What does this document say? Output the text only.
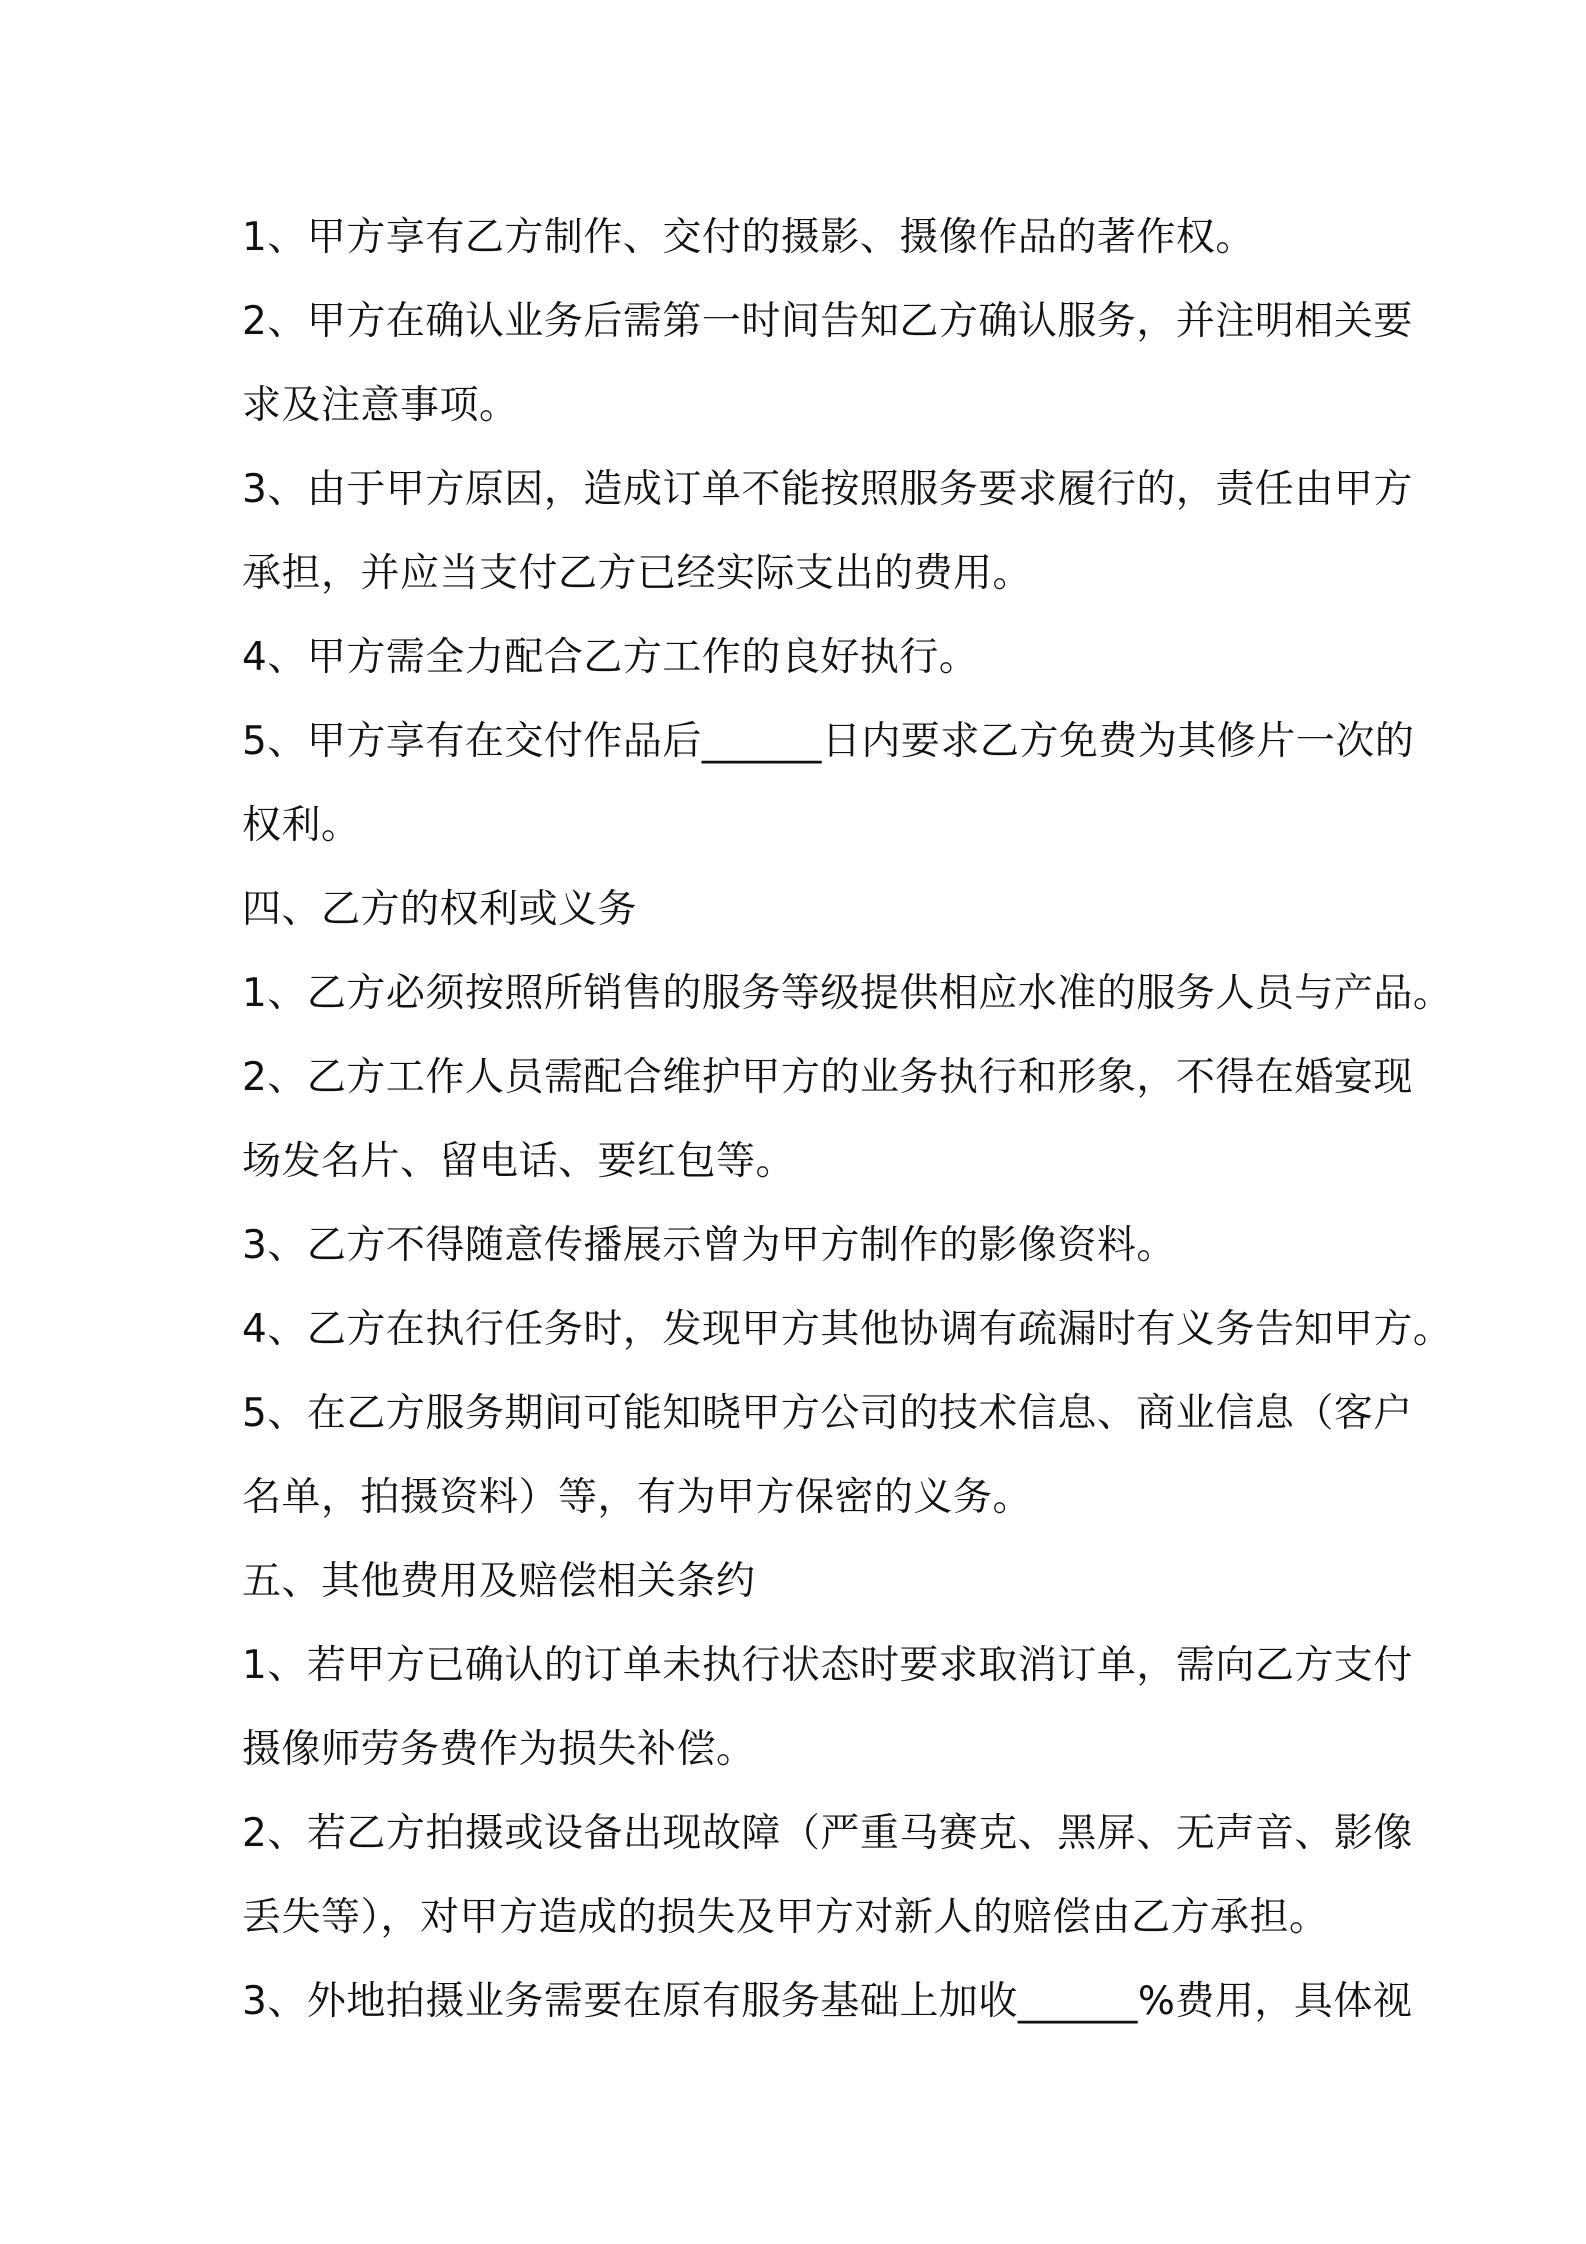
1、甲方享有乙方制作、交付的摄影、摄像作品的著作权。
2、甲方在确认业务后需第一时间告知乙方确认服务，并注明相关要
求及注意事项。
3、由于甲方原因，造成订单不能按照服务要求履行的，责任由甲方
承担，并应当支付乙方已经实际支出的费用。
4、甲方需全力配合乙方工作的良好执行。
5、甲方享有在交付作品后______日内要求乙方免费为其修片一次的
权利。
四、乙方的权利或义务
1、乙方必须按照所销售的服务等级提供相应水准的服务人员与产品。
2、乙方工作人员需配合维护甲方的业务执行和形象，不得在婚宴现
场发名片、留电话、要红包等。
3、乙方不得随意传播展示曾为甲方制作的影像资料。
4、乙方在执行任务时，发现甲方其他协调有疏漏时有义务告知甲方。
5、在乙方服务期间可能知晓甲方公司的技术信息、商业信息（客户
名单，拍摄资料）等，有为甲方保密的义务。
五、其他费用及赔偿相关条约
1、若甲方已确认的订单未执行状态时要求取消订单，需向乙方支付
摄像师劳务费作为损失补偿。
2、若乙方拍摄或设备出现故障（严重马赛克、黑屏、无声音、影像
丢失等），对甲方造成的损失及甲方对新人的赔偿由乙方承担。
3、外地拍摄业务需要在原有服务基础上加收______%费用，具体视
